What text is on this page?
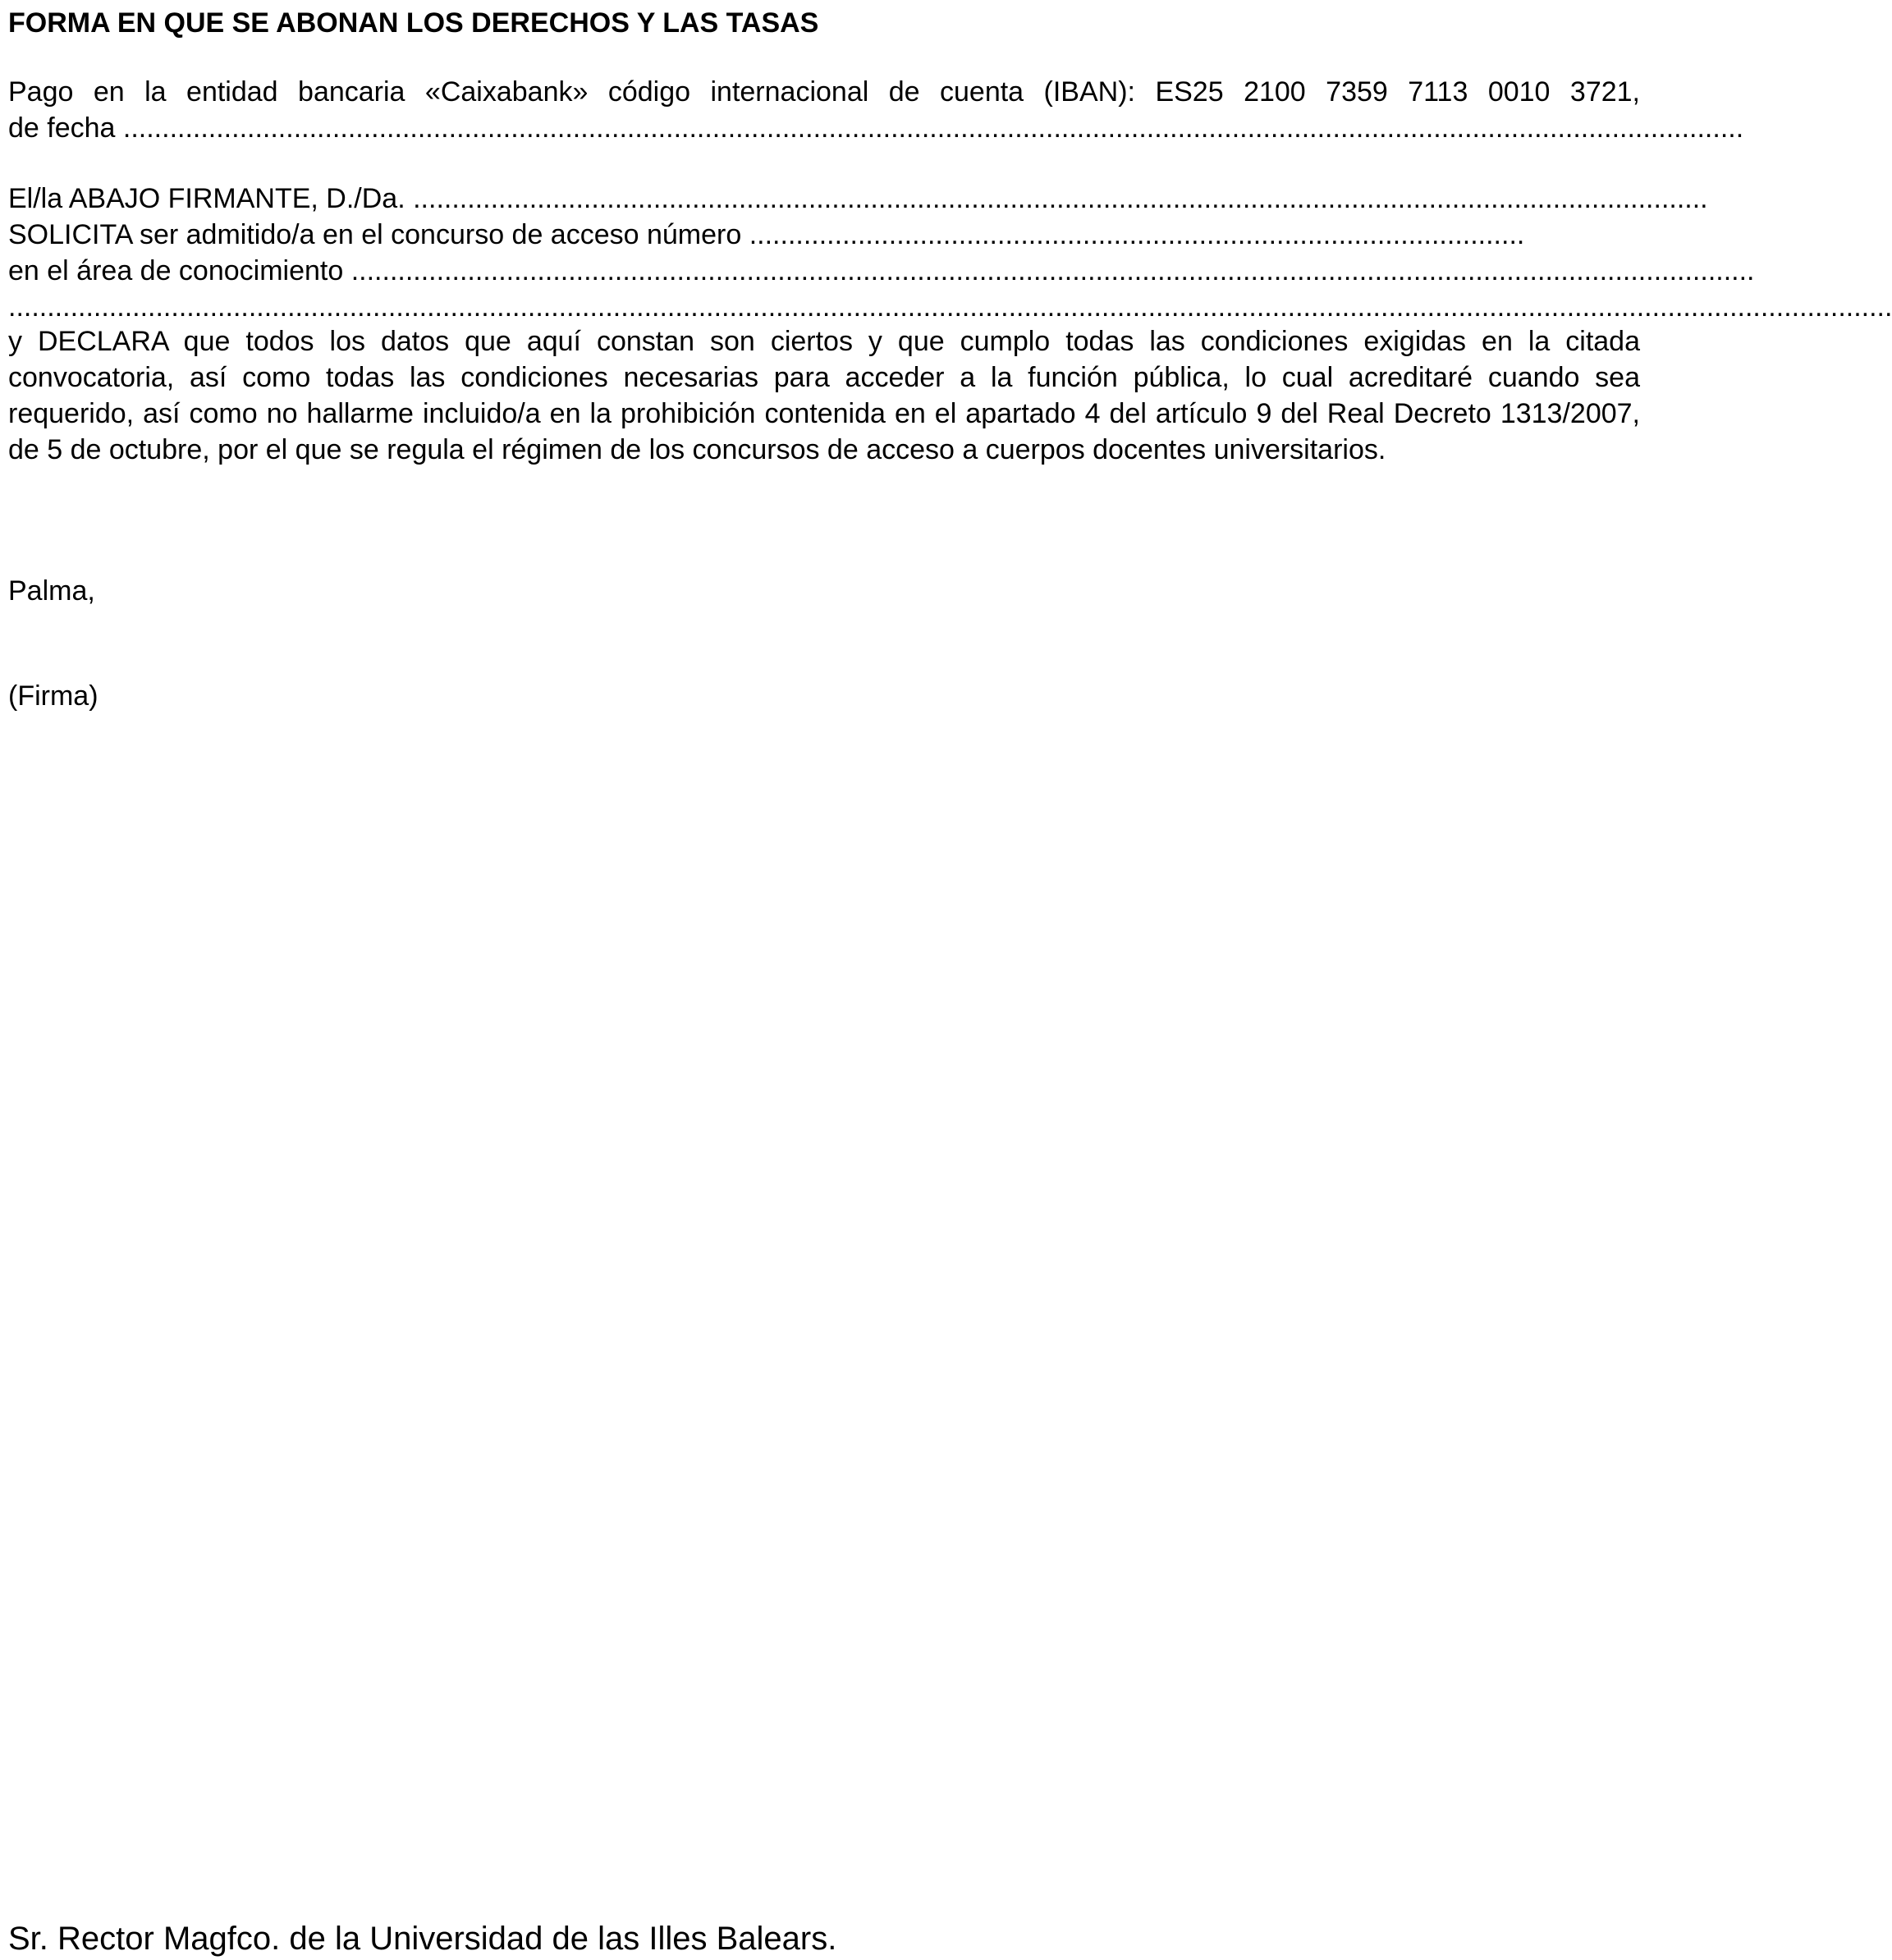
FORMA EN QUE SE ABONAN LOS DERECHOS Y LAS TASAS
Pago en la entidad bancaria «Caixabank» código internacional de cuenta (IBAN): ES25 2100 7359 7113 0010 3721,
de fecha .................................................................................................................................................................................................................
El/la ABAJO FIRMANTE, D./Da. .......................................................................................................................................................................
SOLICITA ser admitido/a en el concurso de acceso número ....................................................................................................
en el área de conocimiento .....................................................................................................................................................................................
...................................................................................................................................................................................................................................................
y DECLARA que todos los datos que aquí constan son ciertos y que cumplo todas las condiciones exigidas en la citada convocatoria, así como todas las condiciones necesarias para acceder a la función pública, lo cual acreditaré cuando sea requerido, así como no hallarme incluido/a en la prohibición contenida en el apartado 4 del artículo 9 del Real Decreto 1313/2007, de 5 de octubre, por el que se regula el régimen de los concursos de acceso a cuerpos docentes universitarios.
Palma,
(Firma)
Sr. Rector Magfco. de la Universidad de las Illes Balears.
